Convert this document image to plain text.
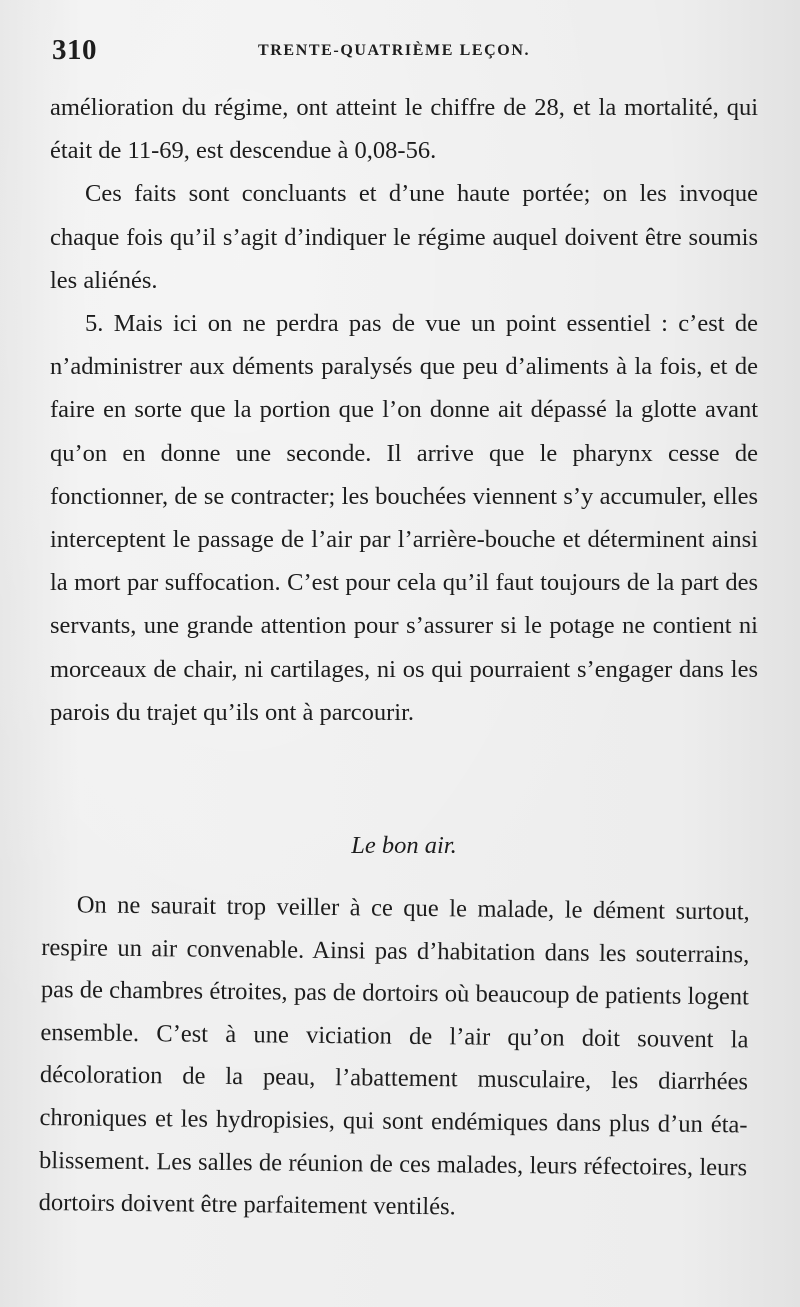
310	TRENTE-QUATRIÈME LEÇON.

amélioration du régime, ont atteint le chiffre de 28, et la mortalité, qui était de 11-69, est descendue à 0,08-56.

Ces faits sont concluants et d’une haute portée; on les invoque chaque fois qu’il s’agit d’indiquer le régime auquel doivent être soumis les aliénés.

5. Mais ici on ne perdra pas de vue un point essentiel : c’est de n’administrer aux déments paralysés que peu d’aliments à la fois, et de faire en sorte que la portion que l’on donne ait dépassé la glotte avant qu’on en donne une seconde. Il arrive que le pharynx cesse de fonctionner, de se contracter; les bouchées viennent s’y accumuler, elles interceptent le passage de l’air par l’arrière-bouche et déterminent ainsi la mort par suffocation. C’est pour cela qu’il faut toujours de la part des servants, une grande attention pour s’assurer si le potage ne contient ni morceaux de chair, ni cartilages, ni os qui pourraient s’engager dans les parois du trajet qu’ils ont à parcourir.

Le bon air.

On ne saurait trop veiller à ce que le malade, le dément surtout, respire un air convenable. Ainsi pas d’habitation dans les souterrains, pas de chambres étroites, pas de dortoirs où beaucoup de patients logent ensemble. C’est à une viciation de l’air qu’on doit souvent la décoloration de la peau, l’abattement musculaire, les diarrhées chroniques et les hydropisies, qui sont endémiques dans plus d’un établissement. Les salles de réunion de ces malades, leurs réfectoires, leurs dortoirs doivent être parfaitement ventilés.
